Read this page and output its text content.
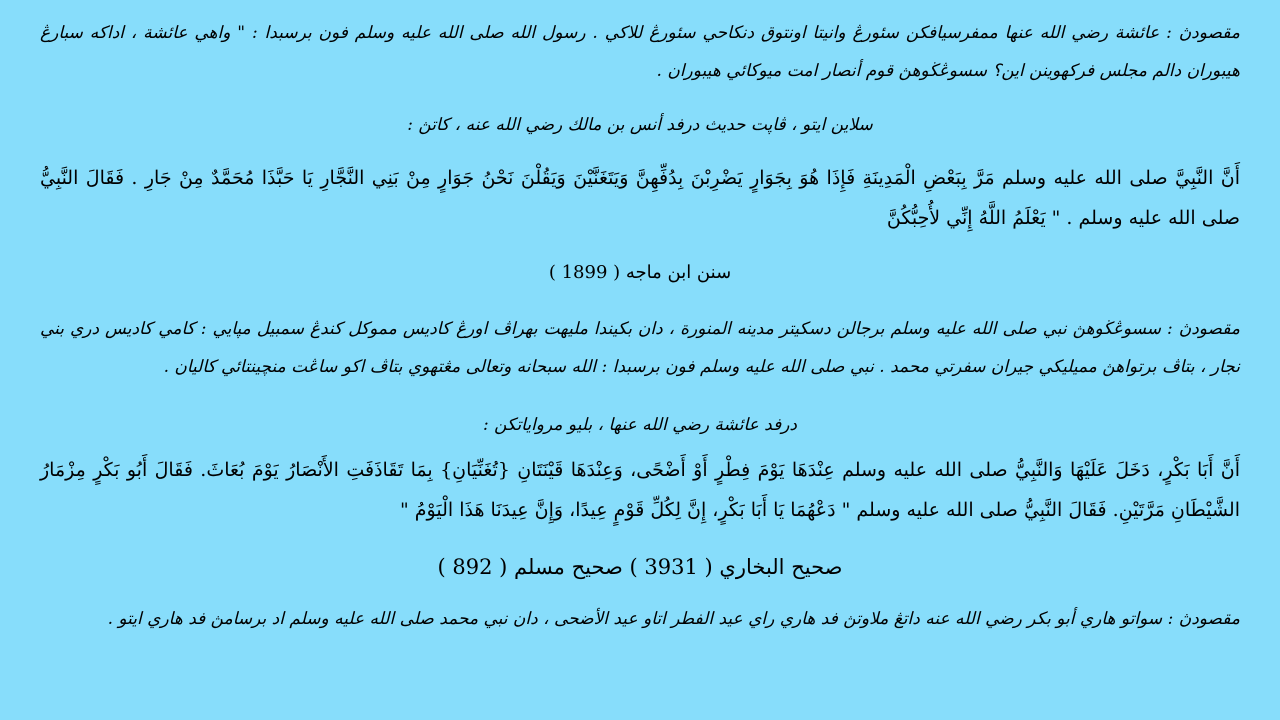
مقصودڽ : عائشة رضي الله عنها ممفرسيافکن سئورڠ وانيتا اونتوق دنکاحي سئورڠ للاکي . رسول الله صلى الله عليه وسلم فون برسبدا : " واهي عائشة ، اداکه سبارڠ هيبوران دالم مجلس فرکهوينن اين؟ سسوڠڬوهڽ قوم أنصار امت ميوکائي هيبوران .

سلاين ايتو ، ڤاپت حديث درفد أنس بن مالك رضي الله عنه ، کاتڽ :

أَنَّ النَّبِيَّ صلى الله عليه وسلم مَرَّ بِبَعْضِ الْمَدِينَةِ فَإِذَا هُوَ بِجَوَارٍ يَضْرِبْنَ بِدُفِّهِنَّ وَيَتَغَنَّيْنَ وَيَقُلْنَ نَحْنُ جَوَارٍ مِنْ بَنِي النَّجَّارِ يَا حَبَّذَا مُحَمَّدٌ مِنْ جَارِ . فَقَالَ النَّبِيُّ صلى الله عليه وسلم . " يَعْلَمُ اللَّهُ إِنِّي لأُحِبُّكُنَّ

سنن ابن ماجه ( 1899 )

مقصودڽ : سسوڠڬوهڽ نبي صلى الله عليه وسلم برجالن دسکيتر مدينه المنورة ، دان بکيندا مليهت بهراڤ اورڠ کاديس مموکل کندڠ سمبيل مپايي : کامي کاديس دري بني نجار ، بتاڤ برتواهڽ مميليکي جيران سفرتي محمد . نبي صلى الله عليه وسلم فون برسبدا : الله سبحانه وتعالى مڠتهوي بتاڤ اکو ساڠت منچينتائي کاليان .

درفد عائشة رضي الله عنها ، بليو مرواياتکن :

أَنَّ أَبَا بَكْرٍ، دَخَلَ عَلَيْهَا وَالنَّبِيُّ صلى الله عليه وسلم عِنْدَهَا يَوْمَ فِطْرٍ أَوْ أَضْحًى، وَعِنْدَهَا قَيْنَتَانِ {تُغَنِّيَانِ} بِمَا تَقَاذَفَتِ الأَنْصَارُ يَوْمَ بُعَاثَ. فَقَالَ أَبُو بَكْرٍ مِزْمَارُ الشَّيْطَانِ مَرَّتَيْنِ. فَقَالَ النَّبِيُّ صلى الله عليه وسلم " دَعْهُمَا يَا أَبَا بَكْرٍ، إِنَّ لِكُلِّ قَوْمٍ عِيدًا، وَإِنَّ عِيدَنَا هَذَا الْيَوْمُ "

صحيح البخاري ( 3931 ) صحيح مسلم ( 892 )

مقصودڽ : سواتو هاري أبو بكر رضي الله عنه داتڠ ملاوتڽ فد هاري راي عيد الفطر اتاو عيد الأضحى ، دان نبي محمد صلى الله عليه وسلم اد برسامڽ فد هاري ايتو .
